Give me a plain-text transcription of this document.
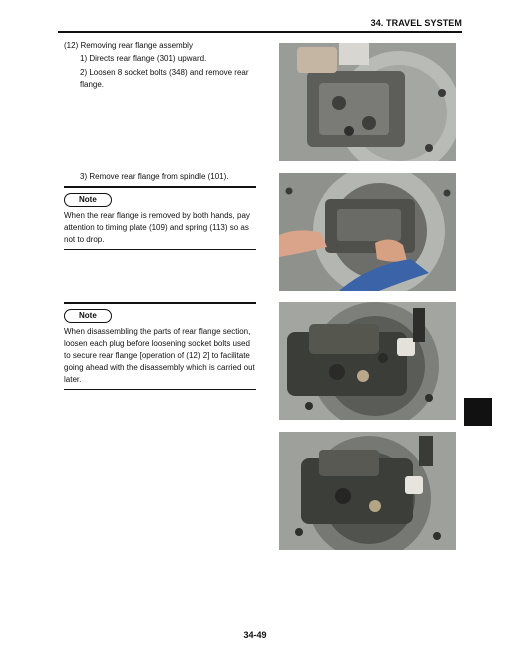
34. TRAVEL SYSTEM
(12) Removing rear flange assembly
1) Directs rear flange (301) upward.
2) Loosen 8 socket bolts (348) and remove rear flange.
3) Remove rear flange from spindle (101).
Note
When the rear flange is removed by both hands, pay attention to timing plate (109) and spring (113) so as not to drop.
Note
When disassembling the parts of rear flange section, loosen each plug before loosening socket bolts used to secure rear flange [operation of (12) 2] to facilitate going ahead with the disassembly which is carried out later.
34-49
